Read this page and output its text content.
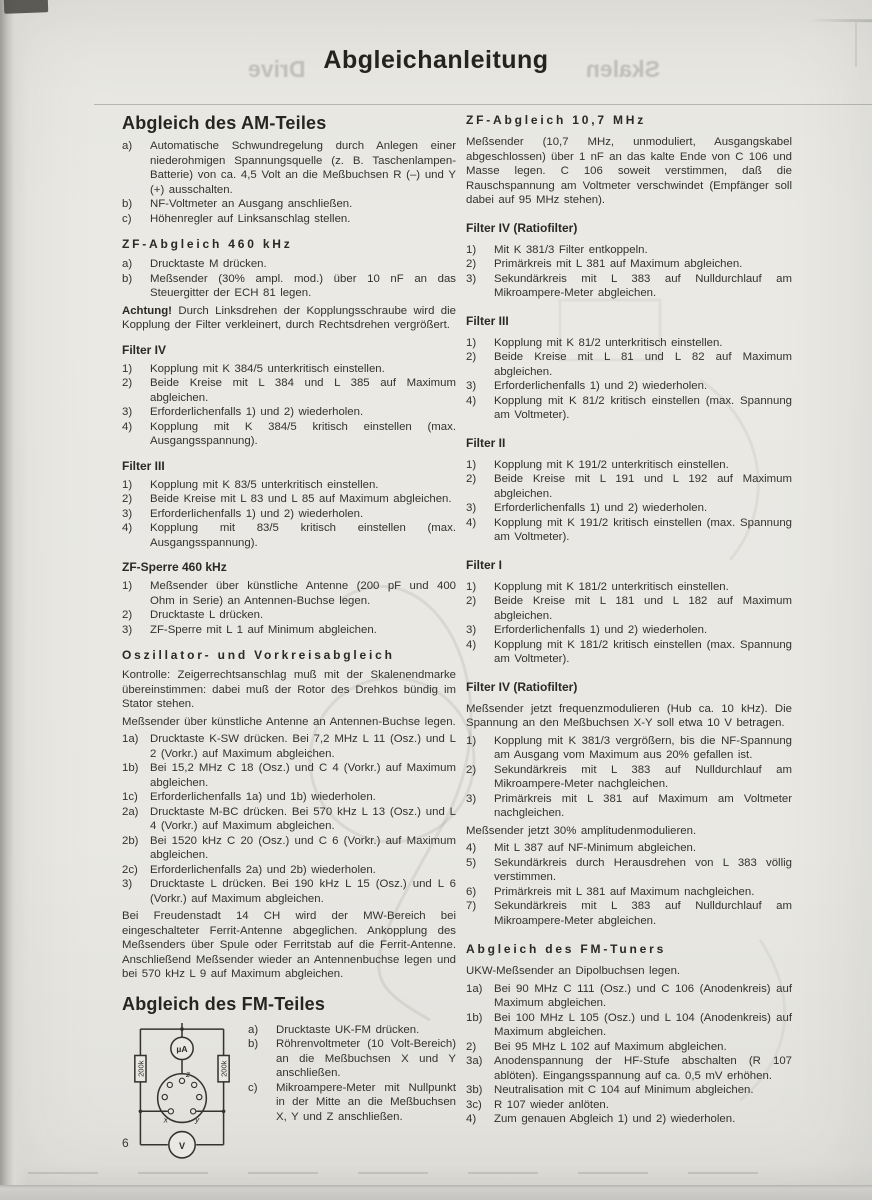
Skalen
Drive Abgleichanleitung
Abgleich des AM-Teiles
a) Automatische Schwundregelung durch Anlegen einer niederohmigen Spannungsquelle (z. B. Taschenlampen-Batterie) von ca. 4,5 Volt an die Meßbuchsen R (–) und Y (+) ausschalten.
b) NF-Voltmeter an Ausgang anschließen.
c) Höhenregler auf Linksanschlag stellen.
ZF-Abgleich 460 kHz
a) Drucktaste M drücken.
b) Meßsender (30% ampl. mod.) über 10 nF an das Steuergitter der ECH 81 legen.

Achtung! Durch Linksdrehen der Kopplungsschraube wird die Kopplung der Filter verkleinert, durch Rechtsdrehen vergrößert.

Filter IV
1) Kopplung mit K 384/5 unterkritisch einstellen.
2) Beide Kreise mit L 384 und L 385 auf Maximum abgleichen.
3) Erforderlichenfalls 1) und 2) wiederholen.
4) Kopplung mit K 384/5 kritisch einstellen (max. Ausgangsspannung).
Filter III
1) Kopplung mit K 83/5 unterkritisch einstellen.
2) Beide Kreise mit L 83 und L 85 auf Maximum abgleichen.
3) Erforderlichenfalls 1) und 2) wiederholen.
4) Kopplung mit 83/5 kritisch einstellen (max. Ausgangsspannung).
ZF-Sperre 460 kHz
1) Meßsender über künstliche Antenne (200 pF und 400 Ohm in Serie) an Antennen-Buchse legen.
2) Drucktaste L drücken.
3) ZF-Sperre mit L 1 auf Minimum abgleichen.
Oszillator- und Vorkreisabgleich

Kontrolle: Zeigerrechtsanschlag muß mit der Skalenendmarke übereinstimmen: dabei muß der Rotor des Drehkos bündig im Stator stehen.

Meßsender über künstliche Antenne an Antennen-Buchse legen.

1a) Drucktaste K-SW drücken. Bei 7,2 MHz L 11 (Osz.) und L 2 (Vorkr.) auf Maximum abgleichen.
1b) Bei 15,2 MHz C 18 (Osz.) und C 4 (Vorkr.) auf Maximum abgleichen.
1c) Erforderlichenfalls 1a) und 1b) wiederholen.
2a) Drucktaste M-BC drücken. Bei 570 kHz L 13 (Osz.) und L 4 (Vorkr.) auf Maximum abgleichen.
2b) Bei 1520 kHz C 20 (Osz.) und C 6 (Vorkr.) auf Maximum abgleichen.
2c) Erforderlichenfalls 2a) und 2b) wiederholen.
3) Drucktaste L drücken. Bei 190 kHz L 15 (Osz.) und L 6 (Vorkr.) auf Maximum abgleichen.

Bei Freudenstadt 14 CH wird der MW-Bereich bei eingeschalteter Ferrit-Antenne abgeglichen. Ankopplung des Meßsenders über Spule oder Ferritstab auf die Ferrit-Antenne. Anschließend Meßsender wieder an Antennenbuchse legen und bei 570 kHz L 9 auf Maximum abgleichen.

Abgleich des FM-Teiles
µA
200k	200k
z
x	y
V
a) Drucktaste UK-FM drücken.
b) Röhrenvoltmeter (10 Volt-Bereich) an die Meßbuchsen X und Y anschließen.
c) Mikroampere-Meter mit Nullpunkt in der Mitte an die Meßbuchsen X, Y und Z anschließen.
ZF-Abgleich 10,7 MHz

Meßsender (10,7 MHz, unmoduliert, Ausgangskabel abgeschlossen) über 1 nF an das kalte Ende von C 106 und Masse legen. C 106 soweit verstimmen, daß die Rauschspannung am Voltmeter verschwindet (Empfänger soll dabei auf 95 MHz stehen).

Filter IV (Ratiofilter)
1) Mit K 381/3 Filter entkoppeln.
2) Primärkreis mit L 381 auf Maximum abgleichen.
3) Sekundärkreis mit L 383 auf Nulldurchlauf am Mikroampere-Meter abgleichen.
Filter III
1) Kopplung mit K 81/2 unterkritisch einstellen.
2) Beide Kreise mit L 81 und L 82 auf Maximum abgleichen.
3) Erforderlichenfalls 1) und 2) wiederholen.
4) Kopplung mit K 81/2 kritisch einstellen (max. Spannung am Voltmeter).
Filter II
1) Kopplung mit K 191/2 unterkritisch einstellen.
2) Beide Kreise mit L 191 und L 192 auf Maximum abgleichen.
3) Erforderlichenfalls 1) und 2) wiederholen.
4) Kopplung mit K 191/2 kritisch einstellen (max. Spannung am Voltmeter).
Filter I
1) Kopplung mit K 181/2 unterkritisch einstellen.
2) Beide Kreise mit L 181 und L 182 auf Maximum abgleichen.
3) Erforderlichenfalls 1) und 2) wiederholen.
4) Kopplung mit K 181/2 kritisch einstellen (max. Spannung am Voltmeter).
Filter IV (Ratiofilter)

Meßsender jetzt frequenzmodulieren (Hub ca. 10 kHz). Die Spannung an den Meßbuchsen X-Y soll etwa 10 V betragen.

1) Kopplung mit K 381/3 vergrößern, bis die NF-Spannung am Ausgang vom Maximum aus 20% gefallen ist.
2) Sekundärkreis mit L 383 auf Nulldurchlauf am Mikroampere-Meter nachgleichen.
3) Primärkreis mit L 381 auf Maximum am Voltmeter nachgleichen.

Meßsender jetzt 30% amplitudenmodulieren.

4) Mit L 387 auf NF-Minimum abgleichen.
5) Sekundärkreis durch Herausdrehen von L 383 völlig verstimmen.
6) Primärkreis mit L 381 auf Maximum nachgleichen.
7) Sekundärkreis mit L 383 auf Nulldurchlauf am Mikroampere-Meter abgleichen.
Abgleich des FM-Tuners

UKW-Meßsender an Dipolbuchsen legen.

1a) Bei 90 MHz C 111 (Osz.) und C 106 (Anodenkreis) auf Maximum abgleichen.
1b) Bei 100 MHz L 105 (Osz.) und L 104 (Anodenkreis) auf Maximum abgleichen.
2) Bei 95 MHz L 102 auf Maximum abgleichen.
3a) Anodenspannung der HF-Stufe abschalten (R 107 ablöten). Eingangsspannung auf ca. 0,5 mV erhöhen.
3b) Neutralisation mit C 104 auf Minimum abgleichen.
3c) R 107 wieder anlöten.
4) Zum genauen Abgleich 1) und 2) wiederholen.
6
